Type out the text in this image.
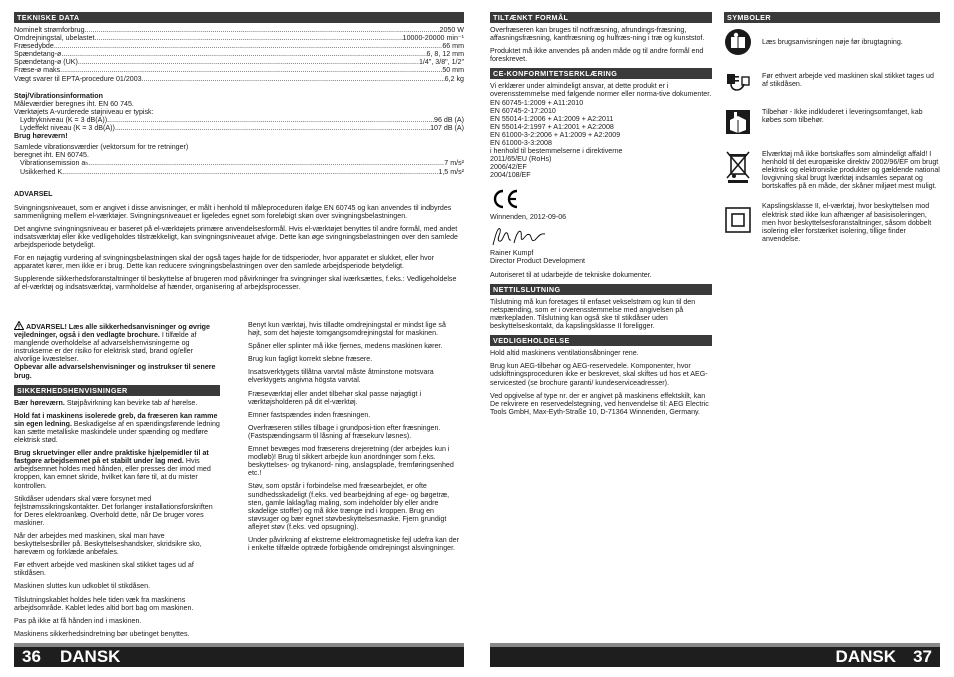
TEKNISKE DATA
Nominelt strømforbrug .....	2050 W
Omdrejningstal, ubelastet .....	10000-20000 min⁻¹
Fræsedybde .....	66 mm
Spændetang-ø .....	6, 8, 12 mm
Spændetang-ø (UK) .....	1/4", 3/8", 1/2"
Fræse-ø maks. .....	50 mm
Vægt svarer til EPTA-procedure 01/2003 .....	6,2 kg
Støj/Vibrationsinformation
Måleværdier beregnes iht. EN 60 745.
Værktøjets A-vurderede støjniveau er typisk:
Lydtrykniveau (K = 3 dB(A)) .....	96 dB (A)
Lydeffekt niveau (K = 3 dB(A)) .....	107 dB (A)
Brug høreværn!
Samlede vibrationsværdier (vektorsum for tre retninger)
beregnet iht. EN 60745.
Vibrationsemission aₕ .....	7 m/s²
Usikkerhed K .....	1,5 m/s²
ADVARSEL

Svingningsniveauet, som er angivet i disse anvisninger, er målt i henhold til måleproceduren ifølge EN 60745 og kan anvendes til indbyrdes sammenligning mellem el-værktøjer. Svingningsniveauet er ligeledes egnet som foreløbigt skøn over svingningsbelastningen.

Det angivne svingningsniveau er baseret på el-værktøjets primære anvendelsesformål. Hvis el-værktøjet benyttes til andre formål, med andet indsatsværktøj eller ikke vedligeholdes tilstrækkeligt, kan svingningsniveauet afvige. Dette kan øge svingningsbelastningen over den samlede arbejdsperiode betydeligt.

For en nøjagtig vurdering af svingningsbelastningen skal der også tages højde for de tidsperioder, hvor apparatet er slukket, eller hvor apparatet kører, men ikke er i brug. Dette kan reducere svingningsbelastningen over den samlede arbejdsperiode betydeligt.

Supplerende sikkerhedsforanstaltninger til beskyttelse af brugeren mod påvirkninger fra svingninger skal iværksættes, f.eks.: Vedligeholdelse af el-værktøj og indsatsværktøj, varmholdelse af hænder, organisering af arbejdsprocesser.

ADVARSEL! Læs alle sikkerhedsanvisninger og øvrige vejledninger, også i den vedlagte brochure. I tilfælde af manglende overholdelse af advarselshenvisningerne og instrukserne er der risiko for elektrisk stød, brand og/eller alvorlige kvæstelser.
Opbevar alle advarselshenvisninger og instrukser til senere brug.

SIKKERHEDSHENVISNINGER

Bær høreværn. Støjpåvirkning kan bevirke tab af hørelse.

Hold fat i maskinens isolerede greb, da fræseren kan ramme sin egen ledning. Beskadigelse af en spændingsførende ledning kan sætte metalliske maskindele under spænding og medføre elektrisk stød.

Brug skruetvinger eller andre praktiske hjælpemidler til at fastgøre arbejdsemnet på et stabilt under lag med. Hvis arbejdsemnet holdes med hånden, eller presses der imod med kroppen, kan emnet skride, hvilket kan føre til, at du mister kontrollen.

Stikdåser udendørs skal være forsynet med fejlstrømssikringskontakter. Det forlanger installationsforskriften for Deres elektroanlæg. Overhold dette, når De bruger vores maskiner.

Når der arbejdes med maskinen, skal man have beskyttelsesbriller på. Beskyttelseshandsker, skridsikre sko, høreværn og forklæde anbefales.

Før ethvert arbejde ved maskinen skal stikket tages ud af stikdåsen.

Maskinen sluttes kun udkoblet til stikdåsen.

Tilslutningskablet holdes hele tiden væk fra maskinens arbejdsområde. Kablet ledes altid bort bag om maskinen.

Pas på ikke at få hånden ind i maskinen.

Maskinens sikkerhedsindretning bør ubetinget benyttes.

Benyt kun værktøj, hvis tilladte omdrejningstal er mindst lige så højt, som det højeste tomgangsomdrejningstal for maskinen.

Spåner eller splinter må ikke fjernes, medens maskinen kører.

Brug kun fagligt korrekt slebne fræsere.

Insatsverktygets tillåtna varvtal måste åtminstone motsvara elverktygets angivna högsta varvtal.

Fræseværktøj eller andet tilbehør skal passe nøjagtigt i værktøjsholderen på dit el-værktøj.

Emner fastspændes inden fræsningen.

Overfræseren stilles tilbage i grundposi-tion efter fræsningen. (Fastspændingsarm til låsning af fræsekurv løsnes).

Emnet bevæges mod fræserens drejeretning (der arbejdes kun i modløb)! Brug til sikkert arbejde kun anordninger som f.eks. beskyttelses- og trykanord- ning, anslagsplade, fremføringsenhed etc.!

Støv, som opstår i forbindelse med fræsearbejdet, er ofte sundhedsskadeligt (f.eks. ved bearbejdning af ege- og bøgetræ, sten, gamle laklag/lag maling, som indeholder bly eller andre skadelige stoffer) og må ikke trænge ind i kroppen. Brug en støvsuger og bær egnet støvbeskyttelsesmaske. Fjern grundigt aflejret støv (f.eks. ved opsugning).

Under påvirkning af ekstreme elektromagnetiske fejl udefra kan der i enkelte tilfælde optræde forbigående omdrejningst alsvingninger.

TILTÆNKT FORMÅL

Overfræseren kan bruges til notfræsning, afrundings-fræsning, affasningsfræsning, kantfræsning og hulfræs-ning i træ og kunststof.

Produktet må ikke anvendes på anden måde og til andre formål end foreskrevet.

CE-KONFORMITETSERKLÆRING
Vi erklærer under almindeligt ansvar, at dette produkt er i overensstemmelse med følgende normer eller norma-tive dokumenter.
EN 60745-1:2009 + A11:2010
EN 60745-2-17:2010
EN 55014-1:2006 + A1:2009 + A2:2011
EN 55014-2:1997 + A1:2001 + A2:2008
EN 61000-3-2:2006 + A1:2009 + A2:2009
EN 61000-3-3:2008
i henhold til bestemmelserne i direktiverne
2011/65/EU (RoHs)
2006/42/EF
2004/108/EF
Winnenden, 2012-09-06
Rainer Kumpf
Director Product Development

Autoriseret til at udarbejde de tekniske dokumenter.

NETTILSLUTNING

Tilslutning må kun foretages til enfaset vekselstrøm og kun til den netspænding, som er i overensstemmelse med angivelsen på mærkepladen. Tilslutning kan også ske til stikdåser uden beskyttelseskontakt, da kapslingsklasse II foreligger.

VEDLIGEHOLDELSE

Hold altid maskinens ventilationsåbninger rene.

Brug kun AEG-tilbehør og AEG-reservedele. Komponenter, hvor udskiftningsproceduren ikke er beskrevet, skal skiftes ud hos et AEG-servicested (se brochure garanti/ kundeserviceadresser).

Ved opgivelse af type nr. der er angivet på maskinens effektskilt, kan De rekvirere en reservedelstegning, ved henvendelse til: AEG Electric Tools GmbH, Max-Eyth-Straße 10, D-71364 Winnenden, Germany.

SYMBOLER
Læs brugsanvisningen nøje før ibrugtagning.
Før ethvert arbejde ved maskinen skal stikket tages ud af stikdåsen.
Tilbehør - Ikke indkluderet i leveringsomfanget, kab købes som tilbehør.
Elværktøj må ikke bortskaffes som almindeligt affald! I henhold til det europæiske direktiv 2002/96/EF om brugt elektrisk og elektroniske produkter og gældende national lovgivning skal brugt lværktøj indsamles separat og bortskaffes på en måde, der skåner miljøet mest muligt.
Kapslingsklasse II, el-værktøj, hvor beskyttelsen mod elektrisk stød ikke kun afhænger af basisisoleringen, men hvor beskyttelsesforanstaltninger, såsom dobbelt isolering eller forstærket isolering, tillige finder anvendelse.
36 DANSK	DANSK 37
